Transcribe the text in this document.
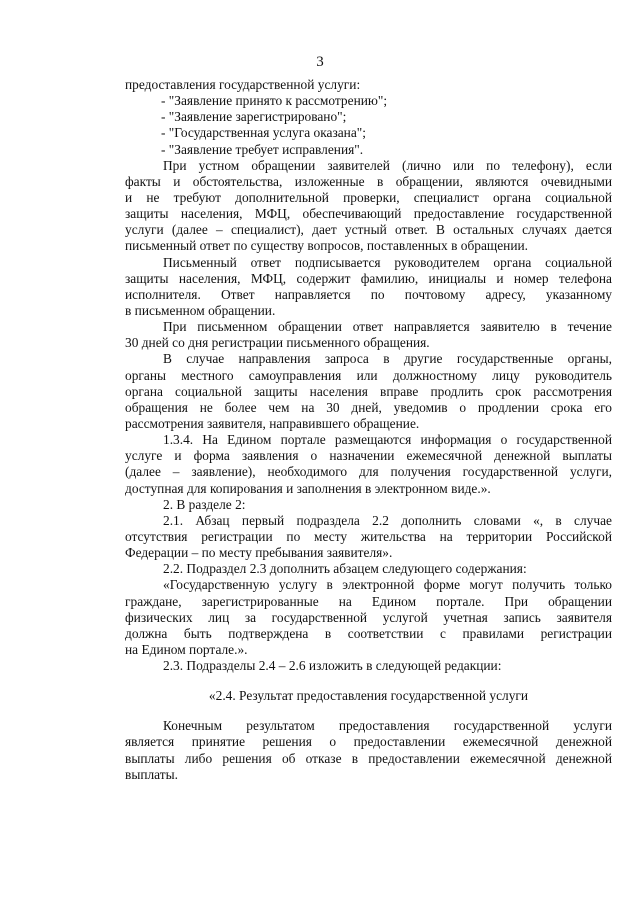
3
предоставления государственной услуги:
- "Заявление принято к рассмотрению";
- "Заявление зарегистрировано";
- "Государственная услуга оказана";
- "Заявление требует исправления".
При устном обращении заявителей (лично или по телефону), если
факты и обстоятельства, изложенные в обращении, являются очевидными
и не требуют дополнительной проверки, специалист органа социальной
защиты населения, МФЦ, обеспечивающий предоставление государственной
услуги (далее – специалист), дает устный ответ. В остальных случаях дается
письменный ответ по существу вопросов, поставленных в обращении.
Письменный ответ подписывается руководителем органа социальной
защиты населения, МФЦ, содержит фамилию, инициалы и номер телефона
исполнителя. Ответ направляется по почтовому адресу, указанному
в письменном обращении.
При письменном обращении ответ направляется заявителю в течение
30 дней со дня регистрации письменного обращения.
В случае направления запроса в другие государственные органы,
органы местного самоуправления или должностному лицу руководитель
органа социальной защиты населения вправе продлить срок рассмотрения
обращения не более чем на 30 дней, уведомив о продлении срока его
рассмотрения заявителя, направившего обращение.
1.3.4. На Едином портале размещаются информация о государственной
услуге и форма заявления о назначении ежемесячной денежной выплаты
(далее – заявление), необходимого для получения государственной услуги,
доступная для копирования и заполнения в электронном виде.».
2. В разделе 2:
2.1. Абзац первый подраздела 2.2 дополнить словами «, в случае
отсутствия регистрации по месту жительства на территории Российской
Федерации – по месту пребывания заявителя».
2.2. Подраздел 2.3 дополнить абзацем следующего содержания:
«Государственную услугу в электронной форме могут получить только
граждане, зарегистрированные на Едином портале. При обращении
физических лиц за государственной услугой учетная запись заявителя
должна быть подтверждена в соответствии с правилами регистрации
на Едином портале.».
2.3. Подразделы 2.4 – 2.6 изложить в следующей редакции:
«2.4. Результат предоставления государственной услуги
Конечным результатом предоставления государственной услуги
является принятие решения о предоставлении ежемесячной денежной
выплаты либо решения об отказе в предоставлении ежемесячной денежной
выплаты.
